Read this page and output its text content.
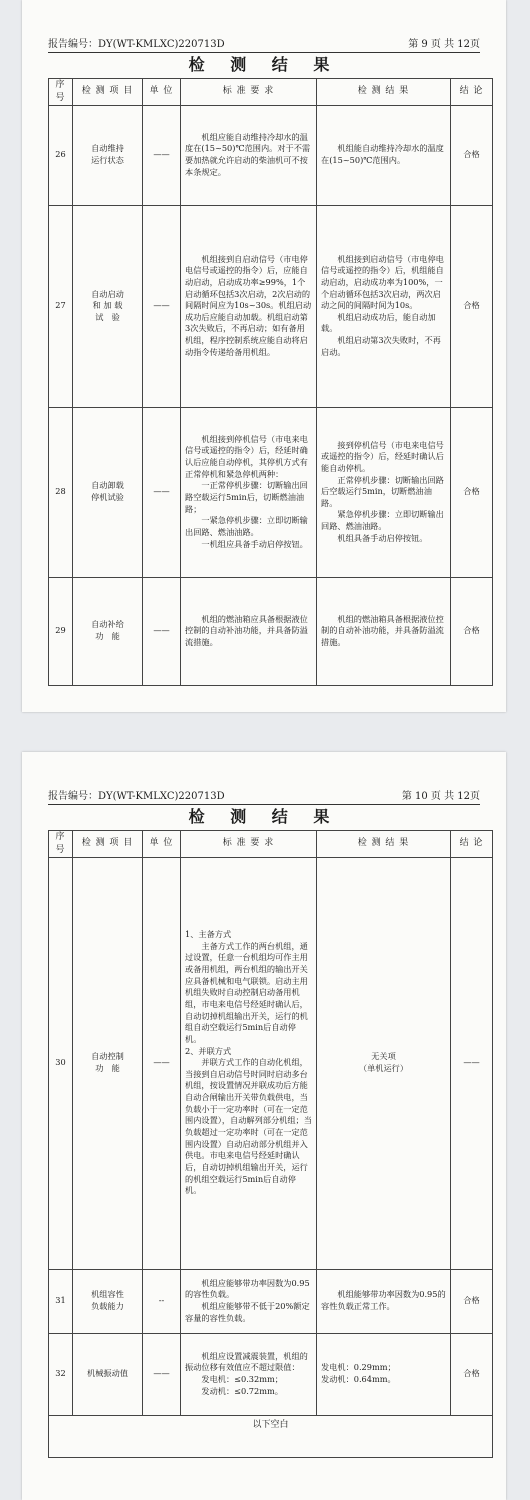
报告编号：DY(WT-KMLXC)220713D	第 9 页 共 12页
检 测 结 果
序号	检 测 项 目	单 位	标 准 要 求	检 测 结 果	结 论
26	自动维持
运行状态	——	　　机组应能自动维持冷却水的温度在(15~50)℃范围内。对于不需要加热就允许启动的柴油机可不按本条规定。	　　机组能自动维持冷却水的温度在(15~50)℃范围内。	合格
27	自动启动
和 加 载
试　验	——	　　机组接到自启动信号（市电停电信号或遥控的指令）后，应能自动启动，启动成功率≥99%，1个启动循环包括3次启动，2次启动的间隔时间应为10s~30s。机组启动成功后应能自动加载。机组启动第3次失败后，不再启动；如有备用机组，程序控制系统应能自动将启动指令传递给备用机组。	　　机组接到启动信号（市电停电信号或遥控的指令）后，机组能自动启动，启动成功率为100%，一个启动循环包括3次启动，两次启动之间的间隔时间为10s。
　　机组启动成功后，能自动加载。
　　机组启动第3次失败时，不再启动。	合格
28	自动卸载
停机试验	——	　　机组接到停机信号（市电来电信号或遥控的指令）后，经延时确认后应能自动停机，其停机方式有正常停机和紧急停机两种：
　　一正常停机步骤：切断输出回路空载运行5min后，切断燃油油路；
　　一紧急停机步骤：立即切断输出回路、燃油油路。
　　一机组应具备手动启停按钮。	　　接到停机信号（市电来电信号或遥控的指令）后，经延时确认后能自动停机。
　　正常停机步骤：切断输出回路后空载运行5min，切断燃油油路。
　　紧急停机步骤：立即切断输出回路、燃油油路。
　　机组具备手动启停按钮。	合格
29	自动补给
功　能	——	　　机组的燃油箱应具备根据液位控制的自动补油功能，并具备防溢流措施。	　　机组的燃油箱具备根据液位控制的自动补油功能，并具备防溢流措施。	合格
报告编号：DY(WT-KMLXC)220713D	第 10 页 共 12页
检 测 结 果
序号	检 测 项 目	单 位	标 准 要 求	检 测 结 果	结 论
30	自动控制
功　能	——	1、主备方式
　　主备方式工作的两台机组，通过设置，任意一台机组均可作主用或备用机组，两台机组的输出开关应具备机械和电气联锁。启动主用机组失败时自动控制启动备用机组，市电来电信号经延时确认后，自动切掉机组输出开关，运行的机组自动空载运行5min后自动停机。
2、并联方式
　　并联方式工作的自动化机组，当接到自启动信号时同时启动多台机组，按设置情况并联成功后方能自动合闸输出开关带负载供电，当负载小于一定功率时（可在一定范围内设置），自动解列部分机组；当负载超过一定功率时（可在一定范围内设置）自动启动部分机组并入供电。市电来电信号经延时确认后，自动切掉机组输出开关，运行的机组空载运行5min后自动停机。	无关项
（单机运行）	——
31	机组容性
负载能力	--	　　机组应能够带功率因数为0.95的容性负载。
　　机组应能够带不低于20%额定容量的容性负载。	　　机组能够带功率因数为0.95的容性负载正常工作。	合格
32	机械振动值	——	　　机组应设置减震装置，机组的振动位移有效值应不超过限值：
　　发电机：≤0.32mm；
　　发动机：≤0.72mm。	发电机：0.29mm；
发动机：0.64mm。	合格
以下空白					
